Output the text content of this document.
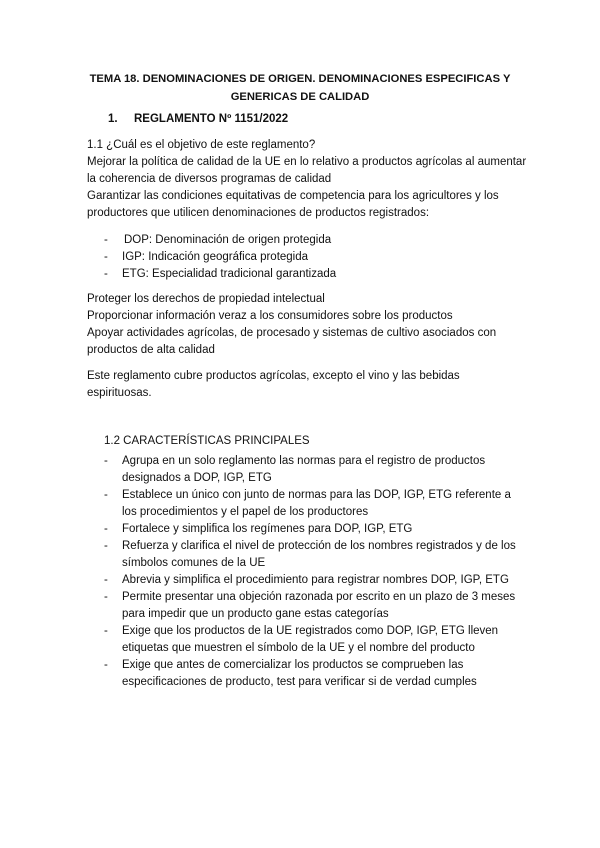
TEMA 18. DENOMINACIONES DE ORIGEN. DENOMINACIONES ESPECIFICAS Y GENERICAS DE CALIDAD
1. REGLAMENTO Nº 1151/2022

1.1 ¿Cuál es el objetivo de este reglamento?

Mejorar la política de calidad de la UE en lo relativo a productos agrícolas al aumentar la coherencia de diversos programas de calidad

Garantizar las condiciones equitativas de competencia para los agricultores y los productores que utilicen denominaciones de productos registrados:

- DOP: Denominación de origen protegida
- IGP: Indicación geográfica protegida
- ETG: Especialidad tradicional garantizada

Proteger los derechos de propiedad intelectual

Proporcionar información veraz a los consumidores sobre los productos

Apoyar actividades agrícolas, de procesado y sistemas de cultivo asociados con productos de alta calidad

Este reglamento cubre productos agrícolas, excepto el vino y las bebidas espirituosas.
1.2 CARACTERÍSTICAS PRINCIPALES
- Agrupa en un solo reglamento las normas para el registro de productos designados a DOP, IGP, ETG
- Establece un único con junto de normas para las DOP, IGP, ETG referente a los procedimientos y el papel de los productores
- Fortalece y simplifica los regímenes para DOP, IGP, ETG
- Refuerza y clarifica el nivel de protección de los nombres registrados y de los símbolos comunes de la UE
- Abrevia y simplifica el procedimiento para registrar nombres DOP, IGP, ETG
- Permite presentar una objeción razonada por escrito en un plazo de 3 meses para impedir que un producto gane estas categorías
- Exige que los productos de la UE registrados como DOP, IGP, ETG lleven etiquetas que muestren el símbolo de la UE y el nombre del producto
- Exige que antes de comercializar los productos se comprueben las especificaciones de producto, test para verificar si de verdad cumples
